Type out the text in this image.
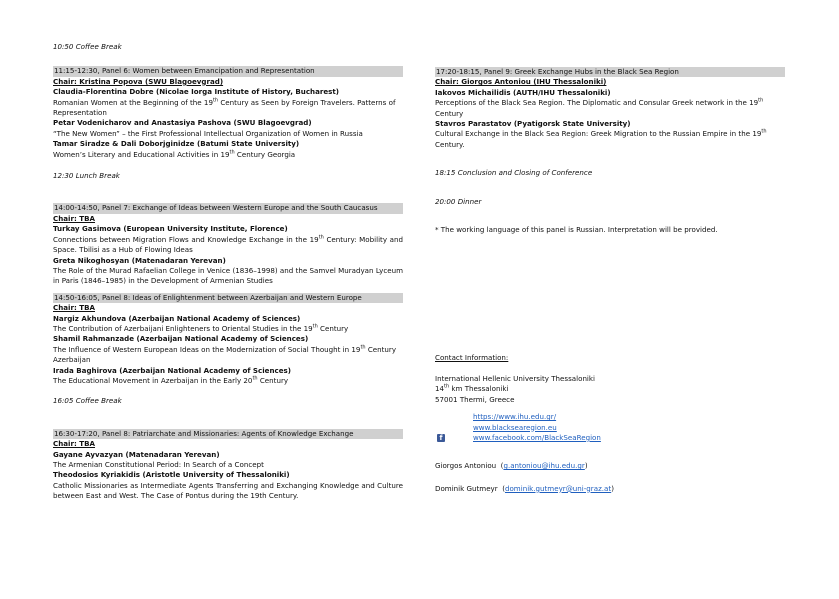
10:50 Coffee Break
11:15-12:30, Panel 6: Women between Emancipation and Representation
Chair: Kristina Popova (SWU Blagoevgrad)
Claudia-Florentina Dobre (Nicolae Iorga Institute of History, Bucharest)
Romanian Women at the Beginning of the 19th Century as Seen by Foreign Travelers. Patterns of Representation
Petar Vodenicharov and Anastasiya Pashova (SWU Blagoevgrad)
“The New Women” – the First Professional Intellectual Organization of Women in Russia
Tamar Siradze & Dali Doborjginidze (Batumi State University)
Women’s Literary and Educational Activities in 19th Century Georgia
12:30 Lunch Break
14:00-14:50, Panel 7: Exchange of Ideas between Western Europe and the South Caucasus
Chair: TBA
Turkay Gasimova (European University Institute, Florence)
Connections between Migration Flows and Knowledge Exchange in the 19th Century: Mobility and Space. Tbilisi as a Hub of Flowing Ideas
Greta Nikoghosyan (Matenadaran Yerevan)
The Role of the Murad Rafaelian College in Venice (1836–1998) and the Samvel Muradyan Lyceum in Paris (1846–1985) in the Development of Armenian Studies
14:50-16:05, Panel 8: Ideas of Enlightenment between Azerbaijan and Western Europe
Chair: TBA
Nargiz Akhundova (Azerbaijan National Academy of Sciences)
The Contribution of Azerbaijani Enlighteners to Oriental Studies in the 19th Century
Shamil Rahmanzade (Azerbaijan National Academy of Sciences)
The Influence of Western European Ideas on the Modernization of Social Thought in 19th Century Azerbaijan
Irada Baghirova (Azerbaijan National Academy of Sciences)
The Educational Movement in Azerbaijan in the Early 20th Century
16:05 Coffee Break
16:30-17:20, Panel 8: Patriarchate and Missionaries: Agents of Knowledge Exchange
Chair: TBA
Gayane Ayvazyan (Matenadaran Yerevan)
The Armenian Constitutional Period: In Search of a Concept
Theodosios Kyriakidis (Aristotle University of Thessaloniki)
Catholic Missionaries as Intermediate Agents Transferring and Exchanging Knowledge and Culture between East and West. The Case of Pontus during the 19th Century.
17:20-18:15, Panel 9: Greek Exchange Hubs in the Black Sea Region
Chair: Giorgos Antoniou (IHU Thessaloniki)
Iakovos Michailidis (AUTH/IHU Thessaloniki)
Perceptions of the Black Sea Region. The Diplomatic and Consular Greek network in the 19th Century
Stavros Parastatov (Pyatigorsk State University)
Cultural Exchange in the Black Sea Region: Greek Migration to the Russian Empire in the 19th Century.
18:15 Conclusion and Closing of Conference
20:00 Dinner
* The working language of this panel is Russian. Interpretation will be provided.
Contact Information:
International Hellenic University Thessaloniki
14th km Thessaloniki
57001 Thermi, Greece
https://www.ihu.edu.gr/
www.blacksearegion.eu
www.facebook.com/BlackSeaRegion
f
Giorgos Antoniou  (g.antoniou@ihu.edu.gr)
Dominik Gutmeyr  (dominik.gutmeyr@uni-graz.at)
